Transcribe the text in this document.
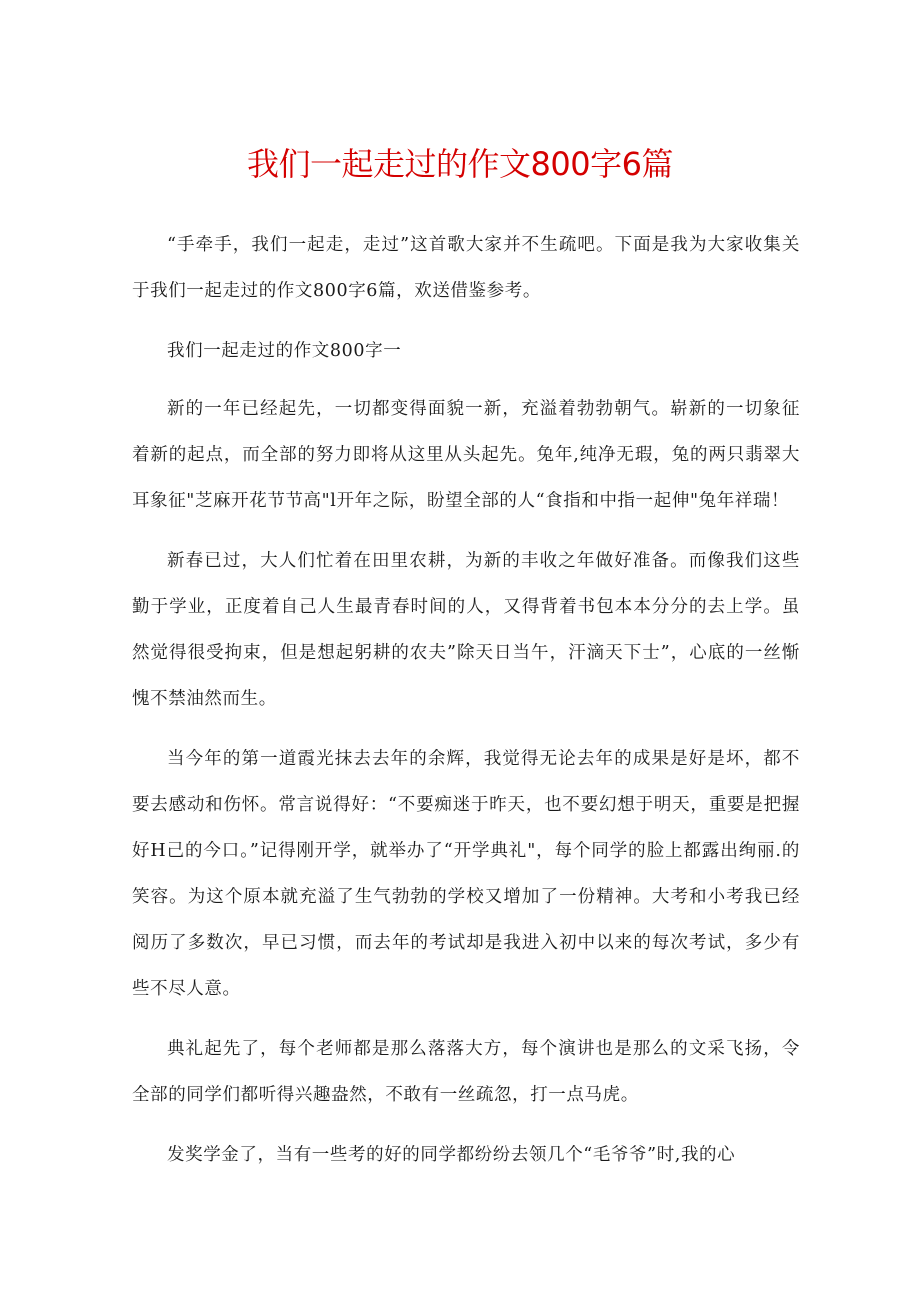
我们一起走过的作文800字6篇

“手牵手，我们一起走，走过”这首歌大家并不生疏吧。下面是我为大家收集关于我们一起走过的作文800字6篇，欢送借鉴参考。

我们一起走过的作文800字一

新的一年已经起先，一切都变得面貌一新，充溢着勃勃朝气。崭新的一切象征着新的起点，而全部的努力即将从这里从头起先。兔年,纯净无瑕，兔的两只翡翠大耳象征"芝麻开花节节高"l开年之际，盼望全部的人“食指和中指一起伸"兔年祥瑞！

新春已过，大人们忙着在田里农耕，为新的丰收之年做好准备。而像我们这些勤于学业，正度着自己人生最青春时间的人，又得背着书包本本分分的去上学。虽然觉得很受拘束，但是想起躬耕的农夫”除天日当午，汗滴天下士”，心底的一丝惭愧不禁油然而生。

当今年的第一道霞光抹去去年的余辉，我觉得无论去年的成果是好是坏，都不要去感动和伤怀。常言说得好：“不要痴迷于昨天，也不要幻想于明天，重要是把握好H己的今口。”记得刚开学，就举办了“开学典礼"，每个同学的脸上都露出绚丽.的笑容。为这个原本就充溢了生气勃勃的学校又增加了一份精神。大考和小考我已经阅历了多数次，早已习惯，而去年的考试却是我进入初中以来的每次考试，多少有些不尽人意。

典礼起先了，每个老师都是那么落落大方，每个演讲也是那么的文采飞扬，令全部的同学们都听得兴趣盎然，不敢有一丝疏忽，打一点马虎。

发奖学金了，当有一些考的好的同学都纷纷去领几个“毛爷爷”时,我的心
